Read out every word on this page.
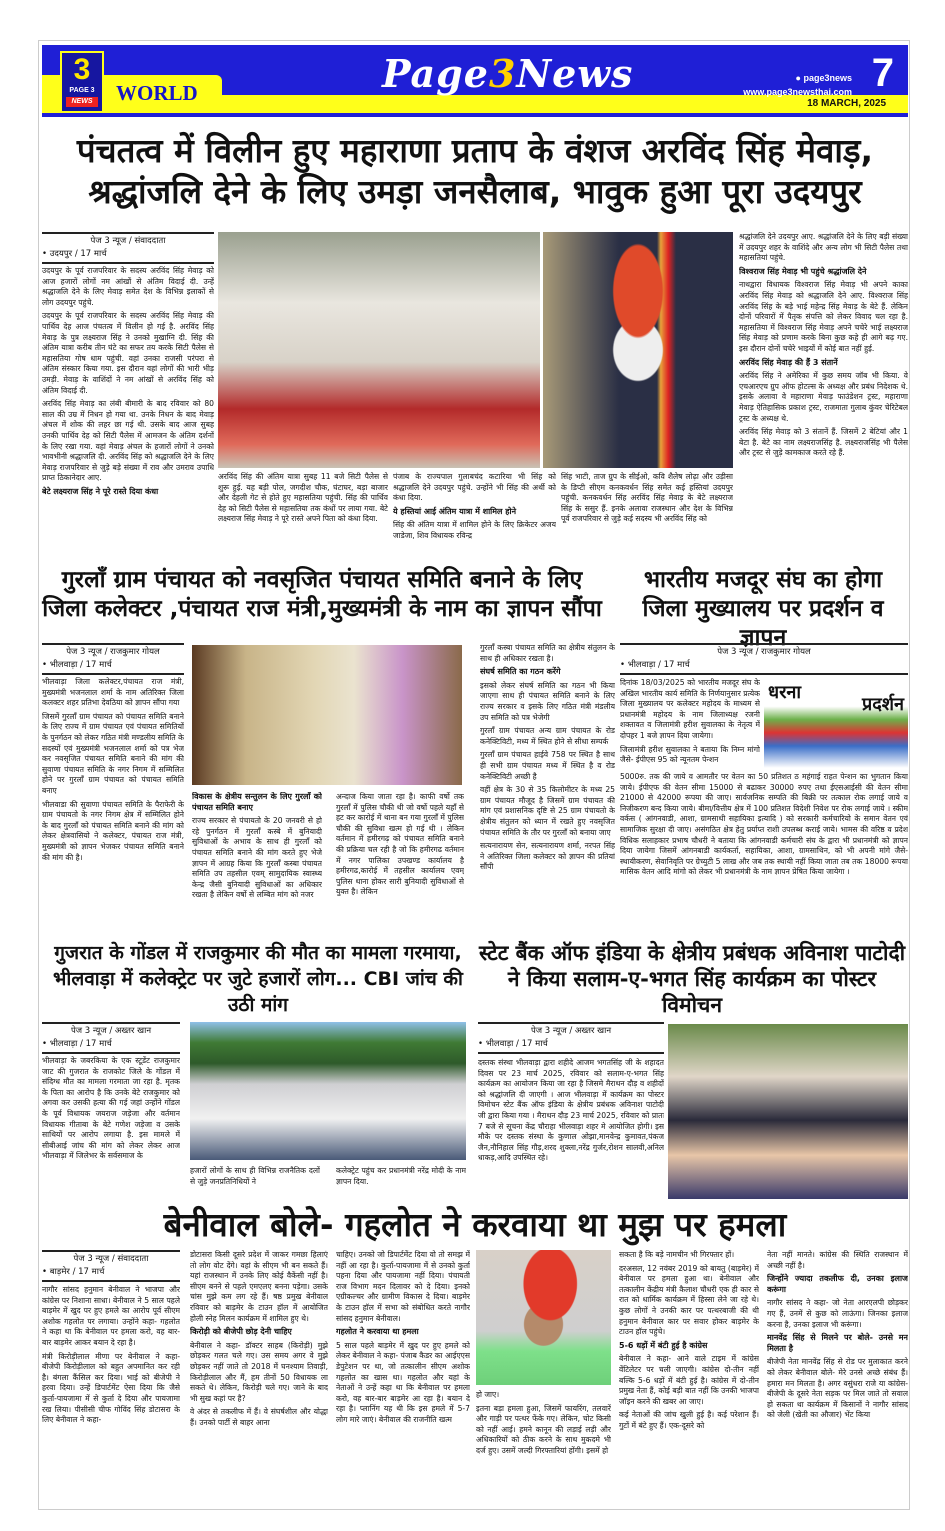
3
PAGE 3
NEWS WORLD	Page3News	● page3news
www.page3newsthai.com 7
18 MARCH, 2025
पंचतत्व में विलीन हुए महाराणा प्रताप के वंशज अरविंद सिंह मेवाड़,
श्रद्धांजलि देने के लिए उमड़ा जनसैलाब, भावुक हुआ पूरा उदयपुर
पेज 3 न्यूज / संवाददाता
• उदयपुर / 17 मार्च

उदयपुर के पूर्व राजपरिवार के सदस्य अरविंद सिंह मेवाड़ को आज हजारों लोगों नम आंखों से अंतिम विदाई दी. उन्हें श्रद्धाजलि देने के लिए मेवाड़ समेत देश के विभिन्न इलाकों से लोग उदयपुर पहुंचे.

उदयपुर के पूर्व राजपरिवार के सदस्य अरविंद सिंह मेवाड़ की पार्थिव देह आज पंचतत्व में विलीन हो गई है. अरविंद सिंह मेवाड़ के पुत्र लक्ष्यराज सिंह ने उनको मुखाग्नि दी. सिंह की अंतिम यात्रा करीब तीन घंटे का सफर तय करके सिटी पैलेस से महासतिया गोष धाम पहुंची. वहां उनका राजसी परंपरा से अंतिम संस्कार किया गया. इस दौरान वहां लोगों की भारी भीड़ उमड़ी. मेवाड़ के वाशिंदों ने नम आंखों से अरविंद सिंह को अंतिम विदाई दी.

अरविंद सिंह मेवाड़ का लंबी बीमारी के बाद रविवार को 80 साल की उम्र में निधन हो गया था. उनके निधन के बाद मेवाड़ अंचल में शोक की लहर छा गई थी. उसके बाद आज सुबह उनकी पार्थिव देह को सिटी पैलेस में आमजन के अंतिम दर्शनों के लिए रखा गया. वहां मेवाड़ अंचल के हजारों लोगों ने उनको भावभीनी श्रद्धाजलि दी. अरविंद सिंह को श्रद्धाजलि देने के लिए मेवाड़ राजपरिवार से जुड़े बड़े संख्या में राव और उमराव उपाधि प्राप्त ठिकानेदार आए.

बेटे लक्ष्यराज सिंह ने पूरे रास्ते दिया कंधा

अरविंद सिंह की अंतिम यात्रा सुबह 11 बजे सिटी पैलेस से शुरू हुई. यह बड़ी पोल, जगदीश चौक, घंटाघर, बड़ा बाजार और देहली गेट से होते हुए महासतिया पहुंची. सिंह की पार्थिव देह को सिटी पैलेस से महासतिया तक कंधों पर लाया गया. बेटे लक्ष्यराज सिंह मेवाड़ ने पूरे रास्ते अपने पिता को कंधा दिया.

पंजाब के राज्यपाल गुलाबचंद कटारिया भी सिंह को श्रद्धाजलि देने उदयपुर पहुंचे. उन्होंने भी सिंह की अर्थी को कंधा दिया.

ये हस्तियां आई अंतिम यात्रा में शामिल होने

सिंह की अंतिम यात्रा में शामिल होने के लिए क्रिकेटर अजय जाडेजा, शिव विधायक रविन्द्र

सिंह भाटी, ताज ग्रुप के सीईओ, कवि शैलेष लोढ़ा और उड़ीसा के डिप्टी सीएम कनकवर्धन सिंह समेत कई हस्तियां उदयपुर पहुंची. कनकवर्धन सिंह अरविंद सिंह मेवाड़ के बेटे लक्ष्यराज सिंह के ससुर हैं. इनके अलावा राजस्थान और देश के विभिन्न पूर्व राजपरिवार से जुड़े कई सदस्य भी अरविंद सिंह को

श्रद्धांजलि देने उदयपुर आए. श्रद्धांजलि देने के लिए बड़ी संख्या में उदयपुर शहर के वाशिंदे और अन्य लोग भी सिटी पैलेस तथा महासतियां पहुंचे.

विश्वराज सिंह मेवाड़ भी पहुंचे श्रद्धांजलि देने

नाथद्वारा विधायक विश्वराज सिंह मेवाड़ भी अपने काका अरविंद सिंह मेवाड़ को श्रद्धाजलि देने आए. विश्वराज सिंह अरविंद सिंह के बड़े भाई महेन्द्र सिंह मेवाड़ के बेटे हैं. लेकिन दोनों परिवारों में पैतृक संपत्ति को लेकर विवाद चल रहा है. महासतिया में विश्वराज सिंह मेवाड़ अपने चचेरे भाई लक्ष्यराज सिंह मेवाड़ को प्रणाम करके बिना कुछ कहे ही आगे बढ़ गए. इस दौरान दोनों चचेरे भाइयों में कोई बात नहीं हुई.

अरविंद सिंह मेवाड़ की हैं 3 संतानें

अरविंद सिंह ने अमेरिका में कुछ समय जॉब भी किया. वे एचआरएच ग्रुप ऑफ होटल्स के अध्यक्ष और प्रबंध निदेशक थे. इसके अलावा वे महाराणा मेवाड़ फाउंडेशन ट्रस्ट, महाराणा मेवाड़ ऐतिहासिक प्रकाश ट्रस्ट, राजमाता गुलाब कुंवर चेरिटेबल ट्रस्ट के अध्यक्ष थे.

अरविंद सिंह मेवाड़ को 3 संतानें हैं. जिसमें 2 बेटियां और 1 बेटा है. बेटे का नाम लक्ष्यराजसिंह है. लक्ष्यराजसिंह भी पैलेस और ट्रस्ट से जुड़े कामकाज करते रहे हैं.

गुरलाँ ग्राम पंचायत को नवसृजित पंचायत समिति बनाने के लिए
जिला कलेक्टर ,पंचायत राज मंत्री,मुख्यमंत्री के नाम का ज्ञापन सौंपा
पेज 3 न्यूज / राजकुमार गोयल
• भीलवाड़ा / 17 मार्च

भीलवाड़ा जिला कलेक्टर,पंचायत राज मंत्री, मुख्यमंत्री भजनलाल शर्मा के नाम अतिरिक्त जिला कलक्टर शहर प्रतिभा देवठिया को ज्ञापन सौंपा गया

जिसमें गुरलाँ ग्राम पंचायत को पंचायत समिति बनाने के लिए राज्य में ग्राम पंचायत एवं पंचायत समितियों के पुनर्गठन को लेकर गठित मंत्री मण्डलीय समिति के सदस्यों एवं मुख्यमंत्री भजनलाल शर्मा को पत्र भेज कर नवसृजित पंचायत समिति बनाने की मांग की सुवाणा पंचायत समिति के नगर निगम में सम्मिलित होने पर गुरलाँ ग्राम पंचायत को पंचायत समिति बनाए

भीलवाडा की सुवाणा पंचायत समिति के पैराफेरी के ग्राम पंचायतो के नगर निगम क्षेत्र में सम्मिलित होने के बाद गुरलाँ को पंचायत समिति बनाने की मांग को लेकर क्षेत्रवासियो ने कलेक्टर, पंचायत राज मंत्री, मुख्यमंत्री को ज्ञापन भेजकर पंचायत समिति बनाने की मांग की है।

विकास के क्षेत्रीय सन्तुलन के लिए गुरलाँ को पंचायत समिति बनाए

राज्य सरकार से पंचायतो के 20 जनवरी से हो रहे पुनर्गठन में गुरलाँ कस्बे में बुनियादी सुविधाओं के अभाव के साथ ही गुरलाँ को पंचायत समिति बनाने की मांग करते हुए भेजे ज्ञापन में आग्रह किया कि गुरलाँ कस्बा पंचायत समिति उप तहसील एवम् सामुदायिक स्वास्थ्य केन्द्र जैसी बुनियादी सुविधाओं का अधिकार रखता है लेकिन वर्षो से लम्बित मांग को नजर

अन्दाज किया जाता रहा है। काफी वर्षो तक गुरलाँ में पुलिस चौकी थी जो वर्षो पहले यहाँ से हट कर कारोई में थाना बन गया गुरलाँ में पुलिस चौकी की सुविधा खत्म हो गई थी । लेकिन वर्तमान में हमीरगढ़ को पंचायत समिति बनाने की प्रक्रिया चल रही है जो कि हमीरगढ वर्तमान में नगर पालिका उपखण्ड कार्यालय है हमीरगढ,कारोई में तहसील कार्यालय एवम् पुलिस थाना होकर सारी बुनियादी सुविधाओं से युक्त है। लेकिन

गुरलाँ कस्बा पंचायत समिति का क्षेत्रीय संतुलन के साथ ही अधिकार रखता है।

संघर्ष समिति का गठन करेंगे

इसको लेकर संघर्ष समिति का गठन भी किया जाएगा साथ ही पंचायत समिति बनाने के लिए राज्य सरकार व इसके लिए गठित मंत्री मंडलीय उप समिति को पत्र भेजेगी

गुरलाँ ग्राम पंचायत अन्य ग्राम पंचायत के रोड कनेक्टिविटी, मध्य में स्थित होने से सीधा सम्पर्क

गुरलाँ ग्राम पंचायत हाईवे 758 पर स्थित है साथ ही सभी ग्राम पंचायत मध्य में स्थित है व रोड कनेक्टिविटी अच्छी है

वहीं क्षेत्र के 30 से 35 किलोमीटर के मध्य 25 ग्राम पंचायत मौजूद है जिसमें ग्राम पंचायत की मांग एवं प्रशासनिक दृष्टि से 25 ग्राम पंचायतो के क्षेत्रीय संतुलन को ध्यान में रखते हुए नवसृजित पंचायत समिति के तौर पर गुरलाँ को बनाया जाए

सत्यनारायण सेन, सत्यनारायण शर्मा, नरपत सिंह ने अतिरिक्त जिला कलेक्टर को ज्ञापन की प्रतियां सौंपी

भारतीय मजदूर संघ का होगा
जिला मुख्यालय पर प्रदर्शन व ज्ञापन
पेज 3 न्यूज / राजकुमार गोयल
• भीलवाड़ा / 17 मार्च

दिनांक 18/03/2025 को भारतीय मजदूर संघ के अखिल भारतीय कार्य समिति के निर्णयानुसार प्रत्येक जिला मुख्यालय पर कलेक्टर महोदय के माध्यम से प्रधानमंत्री महोदय के नाम जिलाध्यक्ष रजनी शक्तावत व जिलामंत्री हरीश सुवालका के नेतृत्व में दोपहर 1 बजे ज्ञापन दिया जायेगा।

जिलामंत्री हरीश सुवालका ने बताया कि निम्न मांगो जैसे- ईपीएस 95 को न्यूनतम पेन्शन

धरना
प्रदर्शन

5000रु. तक की जाये व आमतौर पर वेतन का 50 प्रतिशत ठ महंगाई राहत पेन्शन का भुगतान किया जाये। ईपीएफ की वेतन सीमा 15000 से बढाकर 30000 रुपए तथा ईएसआईसी की वेतन सीमा 21000 से 42000 रूपया की जाए। सार्वजनिक सम्पति की बिक्री पर तत्काल रोक लगाई जाये व निजीकरण बन्द किया जाये। बीमा/वित्तीय क्षेत्र में 100 प्रतिशत विदेशी निवेश पर रोक लगाई जाये । स्कीम वर्कस ( आंगनवाडी, आशा, ग्रामसाथी सहायिका इत्यादि ) को सरकारी कर्मचारियो के समान वेतन एवं सामाजिक सुरक्षा दी जाए। असंगठित क्षेत्र हेतु प्रर्याप्त राशी उपलब्ध कराई जाये। भामस की वरिष्ठ व प्रदेश विधिक सलाहकार प्रभाष चौधरी ने बताया कि आंगनवाडी कर्मचारी संघ के द्वारा भी प्रधानमंत्री को ज्ञापन दिया जायेगा जिसमें आंगनबाडी कार्यकर्ता, सहायिका, आशा, ग्रामसाथिन, को भी अपनी मांगे जैसे- स्थायीकरण, सेवानिवृति पर ग्रेच्युटी 5 लाख और जब तक स्थायी नहीं किया जाता तब तक 18000 रूपया मासिक वेतन आदि मांगो को लेकर भी प्रधानमंत्री के नाम ज्ञापन प्रेषित किया जायेगा ।

गुजरात के गोंडल में राजकुमार की मौत का मामला गरमाया,
भीलवाड़ा में कलेक्ट्रेट पर जुटे हजारों लोग... CBI जांच की उठी मांग
पेज 3 न्यूज / अख्तर खान
• भीलवाड़ा / 17 मार्च

भीलवाड़ा के जबरकिया के एक स्टूडेंट राजकुमार जाट की गुजरात के राजकोट जिले के गोंडल में संदिग्ध मौत का मामला गरमाता जा रहा है. मृतक के पिता का आरोप है कि उनके बेटे राजकुमार को अगवा कर उसकी हत्या की गई जहां उन्होंने गोंडल के पूर्व विधायक जयराज जड़ेजा और वर्तमान विधायक गीताबा के बेटे गणेश जड़ेजा व उसके साथियों पर आरोप लगाया है. इस मामले में सीबीआई जांच की मांग को लेकर लेकर आज भीलवाड़ा में जिलेभर के सर्वसमाज के

हजारों लोगों के साथ ही विभिन्न राजनैतिक दलों से जुड़े जनप्रतिनिधियों ने

कलेक्ट्रेट पहुंच कर प्रधानमंत्री नरेंद्र मोदी के नाम ज्ञापन दिया.

स्टेट बैंक ऑफ इंडिया के क्षेत्रीय प्रबंधक अविनाश पाटोदी
ने किया सलाम-ए-भगत सिंह कार्यक्रम का पोस्टर विमोचन
पेज 3 न्यूज / अख्तर खान
• भीलवाड़ा / 17 मार्च

दस्तक संस्था भीलवाड़ा द्वारा शहीदे आजम भगतसिंह जी के शहादत दिवस पर 23 मार्च 2025, रविवार को सलाम-ए-भगत सिंह कार्यक्रम का आयोजन किया जा रहा है जिसमे मैराथन दौड़ व शहीदों को श्रद्धांजलि दी जाएगी । आज भीलवाड़ा में कार्यक्रम का पोस्टर विमोचन स्टेट बैंक ऑफ इंडिया के क्षेत्रीय प्रबंधक अविनाश पाटोदी जी द्वारा किया गया । मैराथन दौड़ 23 मार्च 2025, रविवार को प्रातः 7 बजे से सूचना केंद्र चौराहा भीलवाड़ा शहर मे आयोजित होगी। इस मौके पर दस्तक संस्था के कुणाल ओझा,मानवेन्द्र कुमावत,पंकज जैन,नौनिहाल सिंह गौड़,शरद शुक्ला,नरेंद्र गुर्जर,रोशन सालवी,अनिल धाकड़,आदि उपस्थित रहे।

बेनीवाल बोले- गहलोत ने करवाया था मुझ पर हमला
पेज 3 न्यूज / संवाददाता
• बाड़मेर / 17 मार्च

नागौर सांसद हनुमान बेनीवाल ने भाजपा और कांग्रेस पर निशाना साधा। बेनीवाल ने 5 साल पहले बाड़मेर में खुद पर हुए हमले का आरोप पूर्व सीएम अशोक गहलोत पर लगाया। उन्होंने कहा- गहलोत ने कहा था कि बेनीवाल पर हमला करो, वह बार-बार बाड़मेर आकर बयान दे रहा है।

मंत्री किरोड़ीलाल मीणा पर बेनीवाल ने कहा- बीजेपी किरोड़ीलाल को बहुत अपमानित कर रही है। बंगला कैंसिल कर दिया। भाई को बीजेपी ने हरवा दिया। उन्हें डिपार्टमेंट ऐसा दिया कि जैसे कुर्ता-पायजामा में से कुर्ता दे दिया और पायजामा रख लिया। पीसीसी चीफ गोविंद सिंह डोटासरा के लिए बेनीवाल ने कहा-

डोटासरा किसी दूसरे प्रदेश में जाकर गमछा हिलाएं तो लोग वोट देंगे। वहां के सीएम भी बन सकते हैं। यहां राजस्थान में उनके लिए कोई वैकेंसी नहीं है। सीएम बनने से पहले एमएलए बनना पड़ेगा। उसके चांस मुझे कम लग रहे हैं। षष्ठ प्रमुख बेनीवाल रविवार को बाड़मेर के टाउन हॉल में आयोजित होली स्नेह मिलन कार्यक्रम में शामिल हुए थे।

किरोड़ी को बीजेपी छोड़ देनी चाहिए

बेनीवाल ने कहा- डॉक्टर साहब (किरोड़ी) मुझे छोड़कर गलत चले गए। उस समय अगर वे मुझे छोड़कर नहीं जाते तो 2018 में घनश्याम तिवाड़ी, किरोड़ीलाल और मैं, हम तीनों 50 विधायक ला सकते थे। लेकिन, किरोड़ी चले गए। जाने के बाद भी सुख कहां पर है?

वे अंदर से तकलीफ में हैं। वे संघर्षशील और योद्धा हैं। उनको पार्टी से बाहर आना

चाहिए। उनको जो डिपार्टमेंट दिया वो तो समझ में नहीं आ रहा है। कुर्ता-पायजामा में से उनको कुर्ता पहना दिया और पायजामा नहीं दिया। पंचायती राज विभाग मदन दिलावर को दे दिया। इनको एग्रीकल्चर और ग्रामीण विकास दे दिया। बाड़मेर के टाउन हॉल में सभा को संबोधित करते नागौर सांसद हनुमान बेनीवाल।

गहलोत ने करवाया था हमला

5 साल पहले बाड़मेर में खुद पर हुए हमले को लेकर बेनीवाल ने कहा- पंजाब कैडर का आईएएस डेपुटेशन पर था, जो तत्कालीन सीएम अशोक गहलोत का खास था। गहलोत और यहां के नेताओं ने उन्हें कहा था कि बेनीवाल पर हमला करो, वह बार-बार बाड़मेर आ रहा है। बयान दे रहा है। प्लानिंग यह थी कि इस हमले में 5-7 लोग मारे जाएं। बेनीवाल की राजनीति खत्म

हो जाए।

इतना बड़ा हमला हुआ, जिसमें फायरिंग, तलवारें और गाड़ी पर पत्थर फेंके गए। लेकिन, चोट किसी को नहीं आई। हमने कानून की लड़ाई लड़ी और अधिकारियों को ठीक करने के साथ मुकदमे भी दर्ज हुए। उसमें जल्दी गिरफ्तारियां होंगी। इसमें हो

सकता है कि बड़े नामचीन भी गिरफ्तार हों।

दरअसल, 12 नवंबर 2019 को बायतु (बाड़मेर) में बेनीवाल पर हमला हुआ था। बेनीवाल और तत्कालीन केंद्रीय मंत्री कैलाश चौधरी एक ही कार से रात को धार्मिक कार्यक्रम में हिस्सा लेने जा रहे थे। कुछ लोगों ने उनकी कार पर पत्थरबाजी की थी हनुमान बेनीवाल कार पर सवार होकर बाड़मेर के टाउन हॉल पहुंचे।

5-6 धड़ों में बंटी हुई है कांग्रेस

बेनीवाल ने कहा- आने वाले टाइम में कांग्रेस वेंटिलेटर पर चली जाएगी। कांग्रेस दो-तीन नहीं बल्कि 5-6 धड़ों में बंटी हुई है। कांग्रेस में दो-तीन प्रमुख नेता हैं, कोई बड़ी बात नहीं कि उनकी भाजपा जॉइन करने की खबर आ जाए।

कई नेताओं की जांच खुली हुई है। कई परेशान हैं। गुटों में बंटे हुए हैं। एक-दूसरे को

नेता नहीं मानते। कांग्रेस की स्थिति राजस्थान में अच्छी नहीं है।

जिन्होंने ज्यादा तकलीफ दी, उनका इलाज करूंगा

नागौर सांसद ने कहा- जो नेता आरएलपी छोड़कर गए हैं, उनमें से कुछ को लाऊंगा। जिनका इलाज करना है, उनका इलाज भी करूंगा।

मानवेंद्र सिंह से मिलने पर बोले- उनसे मन मिलता है

बीजेपी नेता मानवेंद्र सिंह से रोड पर मुलाकात करने को लेकर बेनीवाल बोले- मेरे उनसे अच्छे संबंध हैं। हमारा मन मिलता है। अगर वसुंधरा राजे या कांग्रेस-बीजेपी के दूसरे नेता सड़क पर मिल जाते तो सवाल हो सकता था कार्यक्रम में किसानों ने नागौर सांसद को जेली (खेती का औजार) भेंट किया
